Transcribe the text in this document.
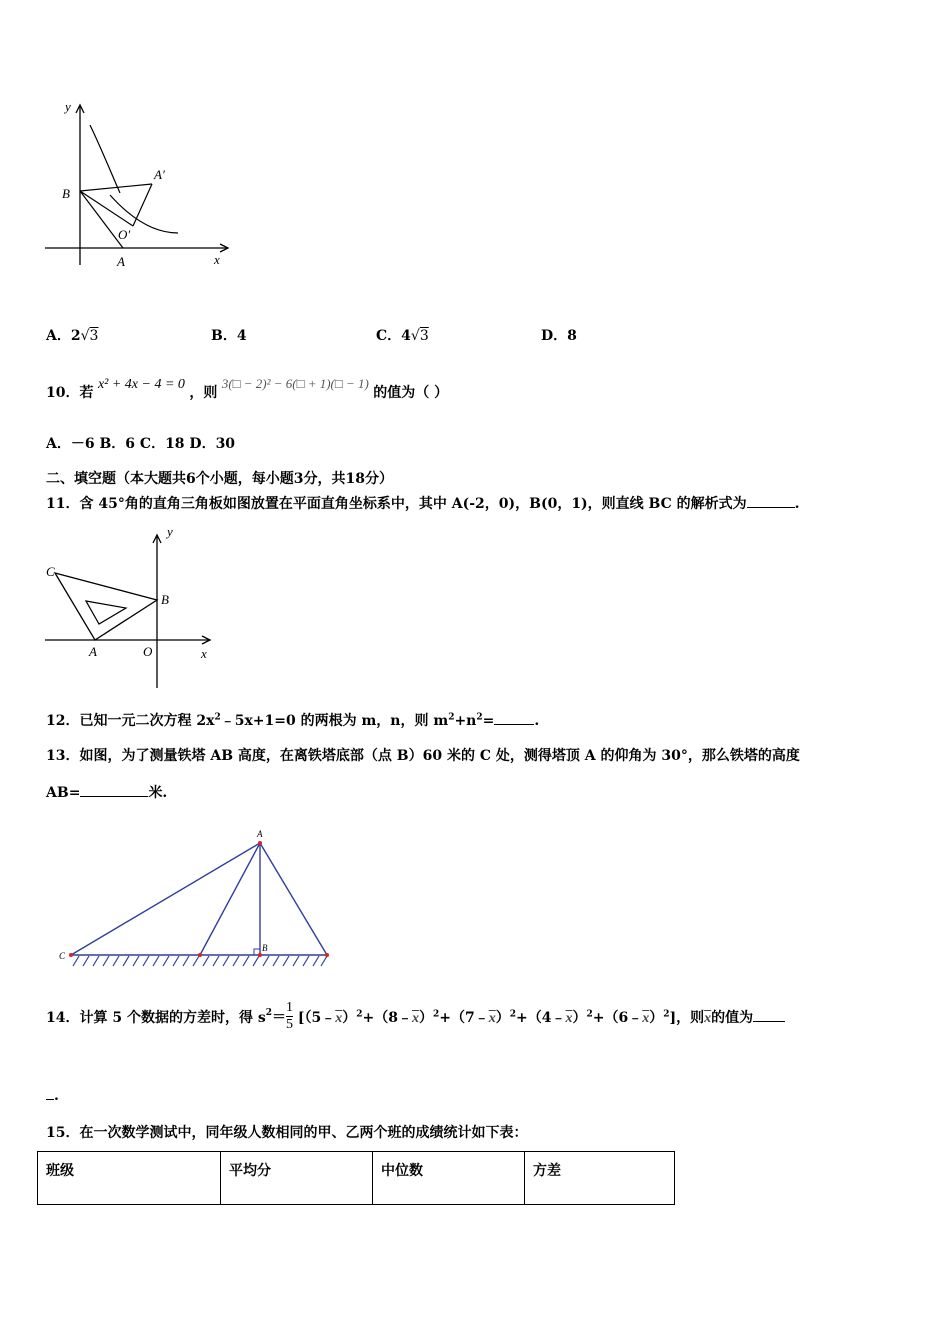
y
x
B
A
A′
O′
A．2√3	B．4	C．4√3	D．8
10．若 x² + 4x − 4 = 0 ，则 3(□ − 2)² − 6(□ + 1)(□ − 1) 的值为（ ）
A．－6 B．6 C．18 D．30
二、填空题（本大题共6个小题，每小题3分，共18分）
11．含 45°角的直角三角板如图放置在平面直角坐标系中，其中 A(-2，0)，B(0，1)，则直线 BC 的解析式为	.
y
x
C
B
A	O
12．已知一元二次方程 $2x^2﹣5x+1=0$ 的两根为 m，n，则 $m^2+n^2=$	.
13．如图，为了测量铁塔 AB 高度，在离铁塔底部（点 B）60 米的 C 处，测得塔顶 A 的仰角为 30°，那么铁塔的高度
AB=	米.
A
B
C
14．计算 5 个数据的方差时，得 $s^2= \frac{1}{5}$ $[(5﹣\overline{x})^2+(8﹣\overline{x})^2+(7﹣\overline{x})^2+(4﹣\overline{x})^2+(6﹣\overline{x})^2]$，则$\overline{x}$的值为
.
15．在一次数学测试中，同年级人数相同的甲、乙两个班的成绩统计如下表：
班级	平均分	中位数	方差
